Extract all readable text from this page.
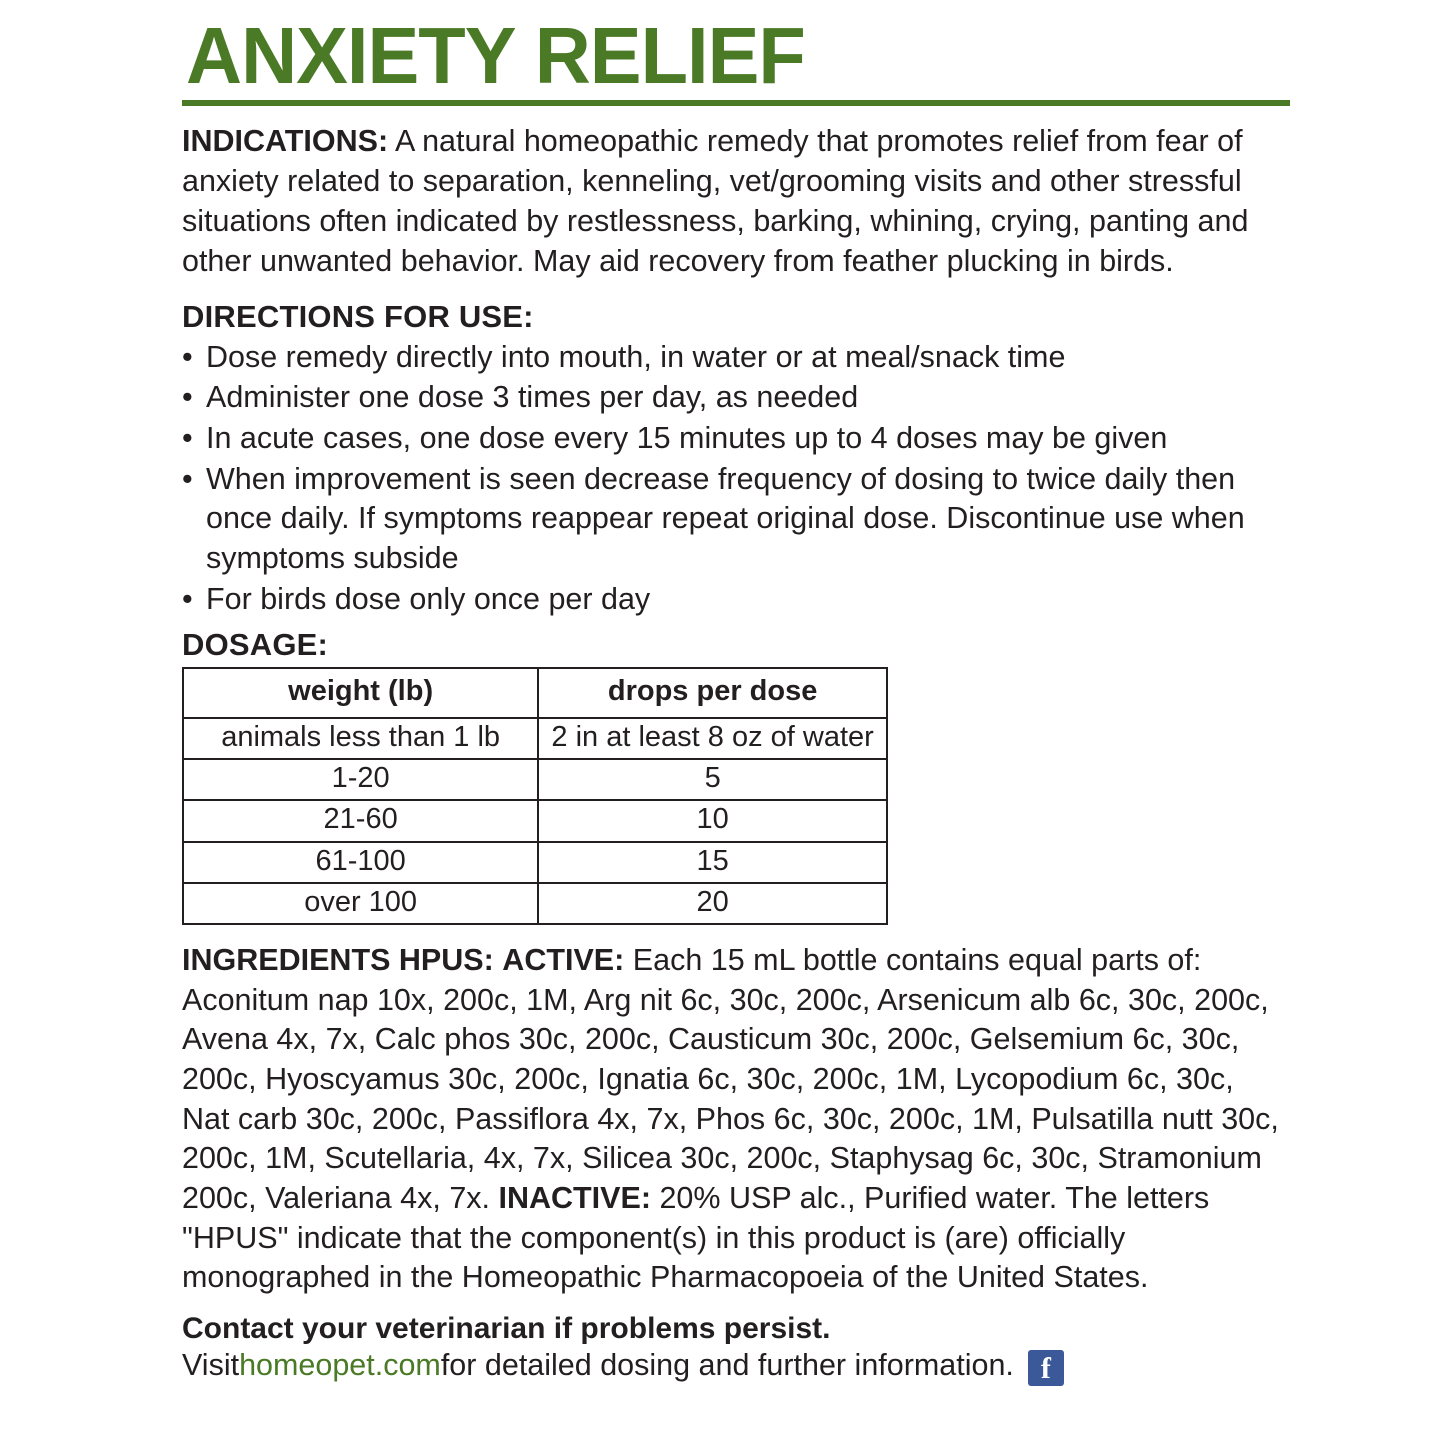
ANXIETY RELIEF

INDICATIONS: A natural homeopathic remedy that promotes relief from fear of anxiety related to separation, kenneling, vet/grooming visits and other stressful situations often indicated by restlessness, barking, whining, crying, panting and other unwanted behavior. May aid recovery from feather plucking in birds.

DIRECTIONS FOR USE:
• Dose remedy directly into mouth, in water or at meal/snack time
• Administer one dose 3 times per day, as needed
• In acute cases, one dose every 15 minutes up to 4 doses may be given
• When improvement is seen decrease frequency of dosing to twice daily then once daily. If symptoms reappear repeat original dose. Discontinue use when symptoms subside
• For birds dose only once per day
DOSAGE:
weight (lb)	drops per dose
animals less than 1 lb	2 in at least 8 oz of water
1-20	5
21-60	10
61-100	15
over 100	20

INGREDIENTS HPUS: ACTIVE: Each 15 mL bottle contains equal parts of: Aconitum nap 10x, 200c, 1M, Arg nit 6c, 30c, 200c, Arsenicum alb 6c, 30c, 200c, Avena 4x, 7x, Calc phos 30c, 200c, Causticum 30c, 200c, Gelsemium 6c, 30c, 200c, Hyoscyamus 30c, 200c, Ignatia 6c, 30c, 200c, 1M, Lycopodium 6c, 30c, Nat carb 30c, 200c, Passiflora 4x, 7x, Phos 6c, 30c, 200c, 1M, Pulsatilla nutt 30c, 200c, 1M, Scutellaria, 4x, 7x, Silicea 30c, 200c, Staphysag 6c, 30c, Stramonium 200c, Valeriana 4x, 7x. INACTIVE: 20% USP alc., Purified water. The letters "HPUS" indicate that the component(s) in this product is (are) officially monographed in the Homeopathic Pharmacopoeia of the United States.

Contact your veterinarian if problems persist.
Visit homeopet.com for detailed dosing and further information. f
